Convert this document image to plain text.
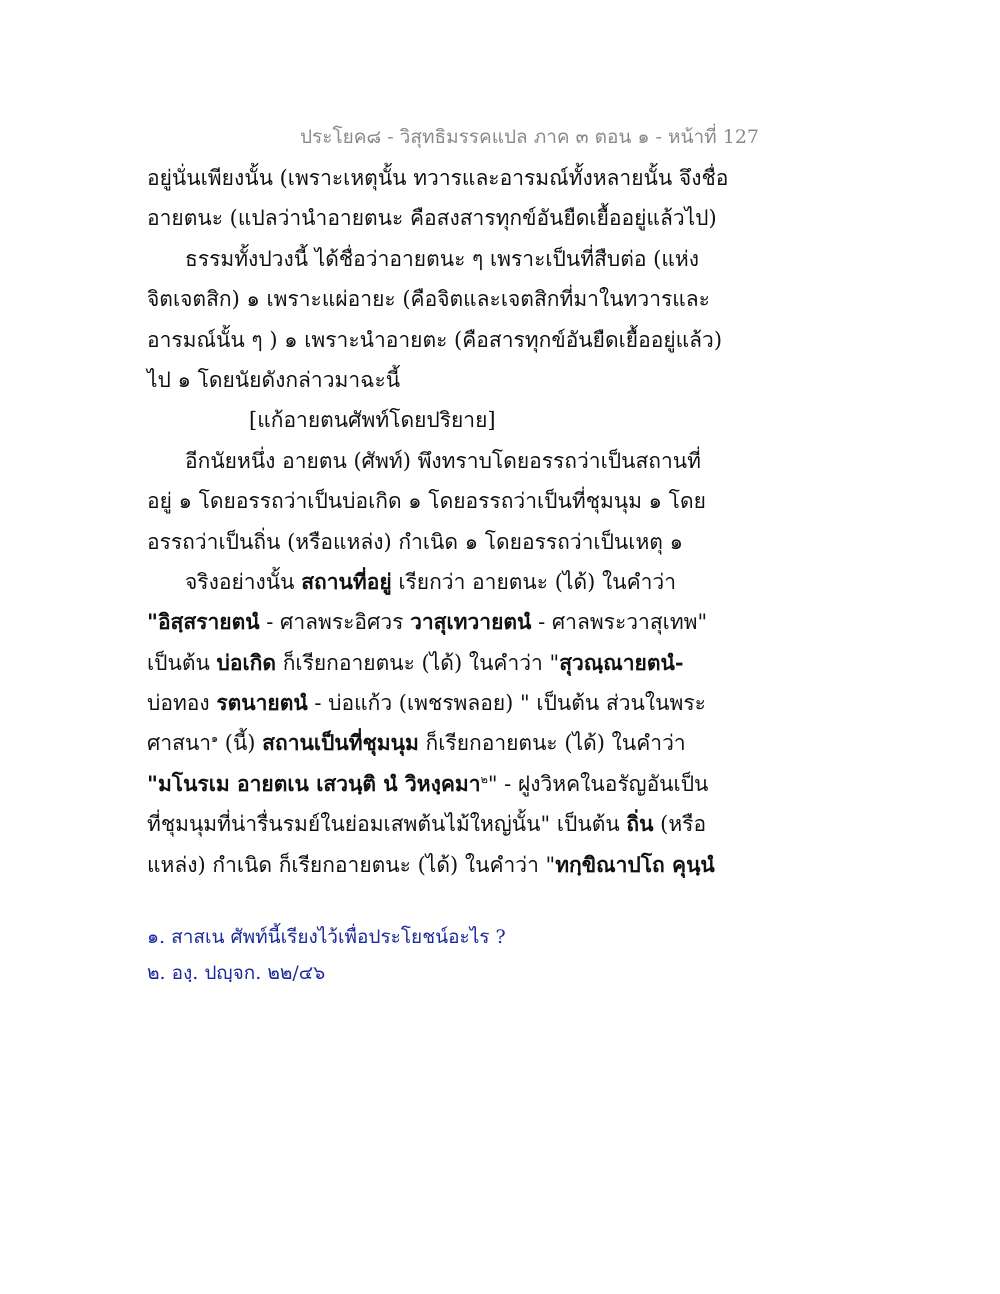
ประโยค๘ - วิสุทธิมรรคแปล ภาค ๓ ตอน ๑ - หน้าที่ 127
อยู่นั่นเพียงนั้น (เพราะเหตุนั้น ทวารและอารมณ์ทั้งหลายนั้น จึงชื่อ
อายตนะ (แปลว่านำอายตนะ คือสงสารทุกข์อันยืดเยื้ออยู่แล้วไป)
ธรรมทั้งปวงนี้ ได้ชื่อว่าอายตนะ ๆ เพราะเป็นที่สืบต่อ (แห่ง
จิตเจตสิก) ๑ เพราะแผ่อายะ (คือจิตและเจตสิกที่มาในทวารและ
อารมณ์นั้น ๆ ) ๑ เพราะนำอายตะ (คือสารทุกข์อันยืดเยื้ออยู่แล้ว)
ไป ๑ โดยนัยดังกล่าวมาฉะนี้
[แก้อายตนศัพท์โดยปริยาย]
อีกนัยหนึ่ง อายตน (ศัพท์) พึงทราบโดยอรรถว่าเป็นสถานที่
อยู่ ๑ โดยอรรถว่าเป็นบ่อเกิด ๑ โดยอรรถว่าเป็นที่ชุมนุม ๑ โดย
อรรถว่าเป็นถิ่น (หรือแหล่ง) กำเนิด ๑ โดยอรรถว่าเป็นเหตุ ๑
จริงอย่างนั้น สถานที่อยู่ เรียกว่า อายตนะ (ได้) ในคำว่า
"อิสฺสรายตนํ - ศาลพระอิศวร วาสุเทวายตนํ - ศาลพระวาสุเทพ"
เป็นต้น บ่อเกิด ก็เรียกอายตนะ (ได้) ในคำว่า "สุวณฺณายตนํ-
บ่อทอง รตนายตนํ - บ่อแก้ว (เพชรพลอย) " เป็นต้น ส่วนในพระ
ศาสนา$^๑$ (นี้) สถานเป็นที่ชุมนุม ก็เรียกอายตนะ (ได้) ในคำว่า
"มโนรเม อายตเน เสวนฺติ นํ วิหงฺคมา$^๒$" - ฝูงวิหคในอรัญอันเป็น
ที่ชุมนุมที่น่ารื่นรมย์ในย่อมเสพต้นไม้ใหญ่นั้น" เป็นต้น ถิ่น (หรือ
แหล่ง) กำเนิด ก็เรียกอายตนะ (ได้) ในคำว่า "ทกฺขิณาปโถ คุนฺนํ
๑. สาสเน ศัพท์นี้เรียงไว้เพื่อประโยชน์อะไร ?
๒. องฺ. ปญฺจก. ๒๒/๔๖
